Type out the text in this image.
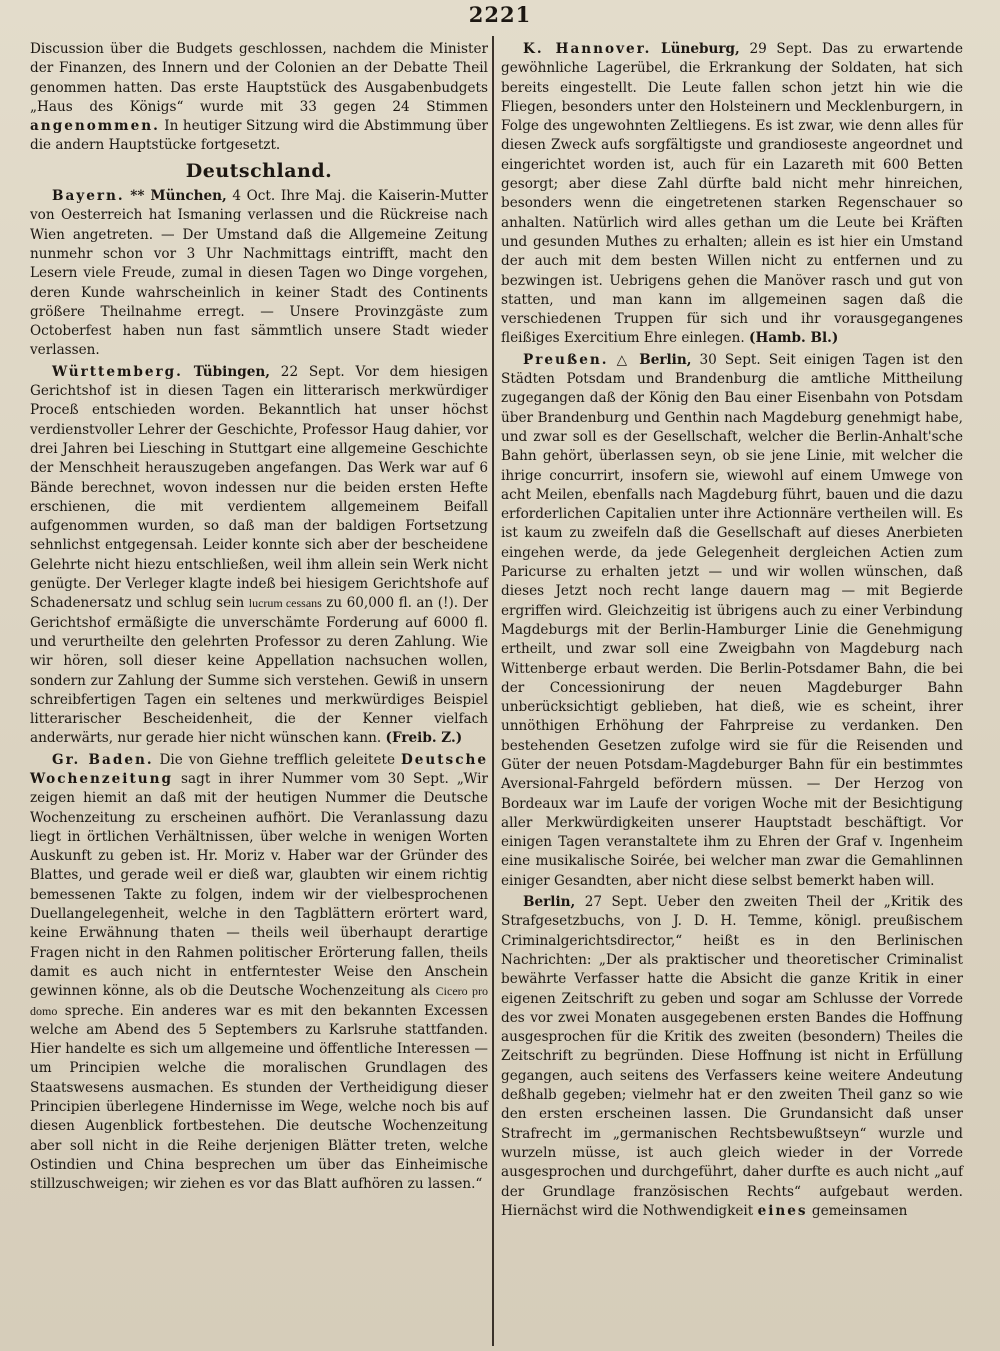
2221

Discussion über die Budgets geschlossen, nachdem die Minister der Finanzen, des Innern und der Colonien an der Debatte Theil genommen hatten. Das erste Hauptstück des Ausgabenbudgets „Haus des Königs“ wurde mit 33 gegen 24 Stimmen angenommen. In heutiger Sitzung wird die Abstimmung über die andern Hauptstücke fortgesetzt.

Deutschland.

Bayern. ** München, 4 Oct. Ihre Maj. die Kaiserin-Mutter von Oesterreich hat Ismaning verlassen und die Rückreise nach Wien angetreten. — Der Umstand daß die Allgemeine Zeitung nunmehr schon vor 3 Uhr Nachmittags eintrifft, macht den Lesern viele Freude, zumal in diesen Tagen wo Dinge vorgehen, deren Kunde wahrscheinlich in keiner Stadt des Continents größere Theilnahme erregt. — Unsere Provinzgäste zum Octoberfest haben nun fast sämmtlich unsere Stadt wieder verlassen.

Württemberg. Tübingen, 22 Sept. Vor dem hiesigen Gerichtshof ist in diesen Tagen ein litterarisch merkwürdiger Proceß entschieden worden. Bekanntlich hat unser höchst verdienstvoller Lehrer der Geschichte, Professor Haug dahier, vor drei Jahren bei Liesching in Stuttgart eine allgemeine Geschichte der Menschheit herauszugeben angefangen. Das Werk war auf 6 Bände berechnet, wovon indessen nur die beiden ersten Hefte erschienen, die mit verdientem allgemeinem Beifall aufgenommen wurden, so daß man der baldigen Fortsetzung sehnlichst entgegensah. Leider konnte sich aber der bescheidene Gelehrte nicht hiezu entschließen, weil ihm allein sein Werk nicht genügte. Der Verleger klagte indeß bei hiesigem Gerichtshofe auf Schadenersatz und schlug sein lucrum cessans zu 60,000 fl. an (!). Der Gerichtshof ermäßigte die unverschämte Forderung auf 6000 fl. und verurtheilte den gelehrten Professor zu deren Zahlung. Wie wir hören, soll dieser keine Appellation nachsuchen wollen, sondern zur Zahlung der Summe sich verstehen. Gewiß in unsern schreibfertigen Tagen ein seltenes und merkwürdiges Beispiel litterarischer Bescheidenheit, die der Kenner vielfach anderwärts, nur gerade hier nicht wünschen kann. (Freib. Z.)

Gr. Baden. Die von Giehne trefflich geleitete Deutsche Wochenzeitung sagt in ihrer Nummer vom 30 Sept. „Wir zeigen hiemit an daß mit der heutigen Nummer die Deutsche Wochenzeitung zu erscheinen aufhört. Die Veranlassung dazu liegt in örtlichen Verhältnissen, über welche in wenigen Worten Auskunft zu geben ist. Hr. Moriz v. Haber war der Gründer des Blattes, und gerade weil er dieß war, glaubten wir einem richtig bemessenen Takte zu folgen, indem wir der vielbesprochenen Duellangelegenheit, welche in den Tagblättern erörtert ward, keine Erwähnung thaten — theils weil überhaupt derartige Fragen nicht in den Rahmen politischer Erörterung fallen, theils damit es auch nicht in entferntester Weise den Anschein gewinnen könne, als ob die Deutsche Wochenzeitung als Cicero pro domo spreche. Ein anderes war es mit den bekannten Excessen welche am Abend des 5 Septembers zu Karlsruhe stattfanden. Hier handelte es sich um allgemeine und öffentliche Interessen — um Principien welche die moralischen Grundlagen des Staatswesens ausmachen. Es stunden der Vertheidigung dieser Principien überlegene Hindernisse im Wege, welche noch bis auf diesen Augenblick fortbestehen. Die deutsche Wochenzeitung aber soll nicht in die Reihe derjenigen Blätter treten, welche Ostindien und China besprechen um über das Einheimische stillzuschweigen; wir ziehen es vor das Blatt aufhören zu lassen.“

K. Hannover. Lüneburg, 29 Sept. Das zu erwartende gewöhnliche Lagerübel, die Erkrankung der Soldaten, hat sich bereits eingestellt. Die Leute fallen schon jetzt hin wie die Fliegen, besonders unter den Holsteinern und Mecklenburgern, in Folge des ungewohnten Zeltliegens. Es ist zwar, wie denn alles für diesen Zweck aufs sorgfältigste und grandioseste angeordnet und eingerichtet worden ist, auch für ein Lazareth mit 600 Betten gesorgt; aber diese Zahl dürfte bald nicht mehr hinreichen, besonders wenn die eingetretenen starken Regenschauer so anhalten. Natürlich wird alles gethan um die Leute bei Kräften und gesunden Muthes zu erhalten; allein es ist hier ein Umstand der auch mit dem besten Willen nicht zu entfernen und zu bezwingen ist. Uebrigens gehen die Manöver rasch und gut von statten, und man kann im allgemeinen sagen daß die verschiedenen Truppen für sich und ihr vorausgegangenes fleißiges Exercitium Ehre einlegen. (Hamb. Bl.)

Preußen. △ Berlin, 30 Sept. Seit einigen Tagen ist den Städten Potsdam und Brandenburg die amtliche Mittheilung zugegangen daß der König den Bau einer Eisenbahn von Potsdam über Brandenburg und Genthin nach Magdeburg genehmigt habe, und zwar soll es der Gesellschaft, welcher die Berlin-Anhalt'sche Bahn gehört, überlassen seyn, ob sie jene Linie, mit welcher die ihrige concurrirt, insofern sie, wiewohl auf einem Umwege von acht Meilen, ebenfalls nach Magdeburg führt, bauen und die dazu erforderlichen Capitalien unter ihre Actionnäre vertheilen will. Es ist kaum zu zweifeln daß die Gesellschaft auf dieses Anerbieten eingehen werde, da jede Gelegenheit dergleichen Actien zum Paricurse zu erhalten jetzt — und wir wollen wünschen, daß dieses Jetzt noch recht lange dauern mag — mit Begierde ergriffen wird. Gleichzeitig ist übrigens auch zu einer Verbindung Magdeburgs mit der Berlin-Hamburger Linie die Genehmigung ertheilt, und zwar soll eine Zweigbahn von Magdeburg nach Wittenberge erbaut werden. Die Berlin-Potsdamer Bahn, die bei der Concessionirung der neuen Magdeburger Bahn unberücksichtigt geblieben, hat dieß, wie es scheint, ihrer unnöthigen Erhöhung der Fahrpreise zu verdanken. Den bestehenden Gesetzen zufolge wird sie für die Reisenden und Güter der neuen Potsdam-Magdeburger Bahn für ein bestimmtes Aversional-Fahrgeld befördern müssen. — Der Herzog von Bordeaux war im Laufe der vorigen Woche mit der Besichtigung aller Merkwürdigkeiten unserer Hauptstadt beschäftigt. Vor einigen Tagen veranstaltete ihm zu Ehren der Graf v. Ingenheim eine musikalische Soirée, bei welcher man zwar die Gemahlinnen einiger Gesandten, aber nicht diese selbst bemerkt haben will.

Berlin, 27 Sept. Ueber den zweiten Theil der „Kritik des Strafgesetzbuchs, von J. D. H. Temme, königl. preußischem Criminalgerichtsdirector,“ heißt es in den Berlinischen Nachrichten: „Der als praktischer und theoretischer Criminalist bewährte Verfasser hatte die Absicht die ganze Kritik in einer eigenen Zeitschrift zu geben und sogar am Schlusse der Vorrede des vor zwei Monaten ausgegebenen ersten Bandes die Hoffnung ausgesprochen für die Kritik des zweiten (besondern) Theiles die Zeitschrift zu begründen. Diese Hoffnung ist nicht in Erfüllung gegangen, auch seitens des Verfassers keine weitere Andeutung deßhalb gegeben; vielmehr hat er den zweiten Theil ganz so wie den ersten erscheinen lassen. Die Grundansicht daß unser Strafrecht im „germanischen Rechtsbewußtseyn“ wurzle und wurzeln müsse, ist auch gleich wieder in der Vorrede ausgesprochen und durchgeführt, daher durfte es auch nicht „auf der Grundlage französischen Rechts“ aufgebaut werden. Hiernächst wird die Nothwendigkeit eines gemeinsamen
